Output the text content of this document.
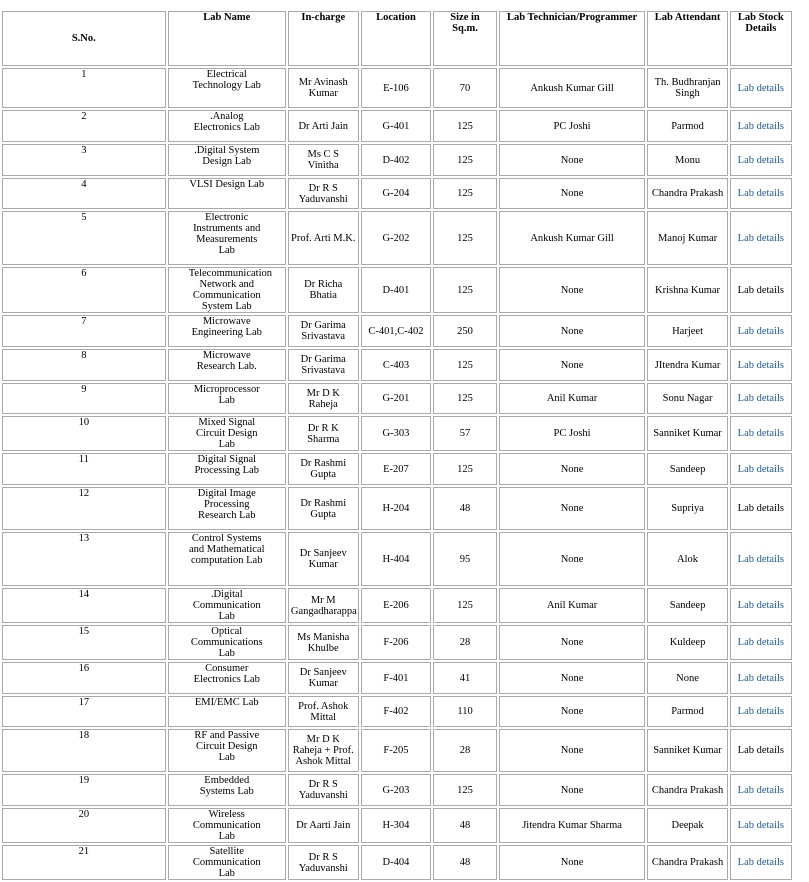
S.No.	Lab Name	In-charge	Location	Size in Sq.m.	Lab Technician/Programmer	Lab Attendant	Lab Stock Details
1	Electrical Technology Lab	Mr Avinash Kumar	E-106	70	Ankush Kumar Gill	Th. Budhranjan Singh	Lab details
2	.Analog Electronics Lab	Dr Arti Jain	G-401	125	PC Joshi	Parmod	Lab details
3	.Digital System Design Lab	Ms C S Vinitha	D-402	125	None	Monu	Lab details
4	VLSI Design Lab	Dr R S Yaduvanshi	G-204	125	None	Chandra Prakash	Lab details
5	Electronic Instruments and Measurements Lab	Prof. Arti M.K.	G-202	125	Ankush Kumar Gill	Manoj Kumar	Lab details
6	Telecommunication Network and Communication System Lab	Dr Richa Bhatia	D-401	125	None	Krishna Kumar	Lab details
7	Microwave Engineering Lab	Dr Garima Srivastava	C-401,C-402	250	None	Harjeet	Lab details
8	Microwave Research Lab.	Dr Garima Srivastava	C-403	125	None	JItendra Kumar	Lab details
9	Microprocessor Lab	Mr D K Raheja	G-201	125	Anil Kumar	Sonu Nagar	Lab details
10	Mixed Signal Circuit Design Lab	Dr R K Sharma	G-303	57	PC Joshi	Sanniket Kumar	Lab details
11	Digital Signal Processing Lab	Dr Rashmi Gupta	E-207	125	None	Sandeep	Lab details
12	Digital Image Processing Research Lab	Dr Rashmi Gupta	H-204	48	None	Supriya	Lab details
13	Control Systems and Mathematical computation Lab	Dr Sanjeev Kumar	H-404	95	None	Alok	Lab details
14	.Digital Communication Lab	Mr M Gangadharappa	E-206	125	Anil Kumar	Sandeep	Lab details
15	Optical Communications Lab	Ms Manisha Khulbe	F-206	28	None	Kuldeep	Lab details
16	Consumer Electronics Lab	Dr Sanjeev Kumar	F-401	41	None	None	Lab details
17	EMI/EMC Lab	Prof. Ashok Mittal	F-402	110	None	Parmod	Lab details
18	RF and Passive Circuit Design Lab	Mr D K Raheja + Prof. Ashok Mittal	F-205	28	None	Sanniket Kumar	Lab details
19	Embedded Systems Lab	Dr R S Yaduvanshi	G-203	125	None	Chandra Prakash	Lab details
20	Wireless Communication Lab	Dr Aarti Jain	H-304	48	Jitendra Kumar Sharma	Deepak	Lab details
21	Satellite Communication Lab	Dr R S Yaduvanshi	D-404	48	None	Chandra Prakash	Lab details
